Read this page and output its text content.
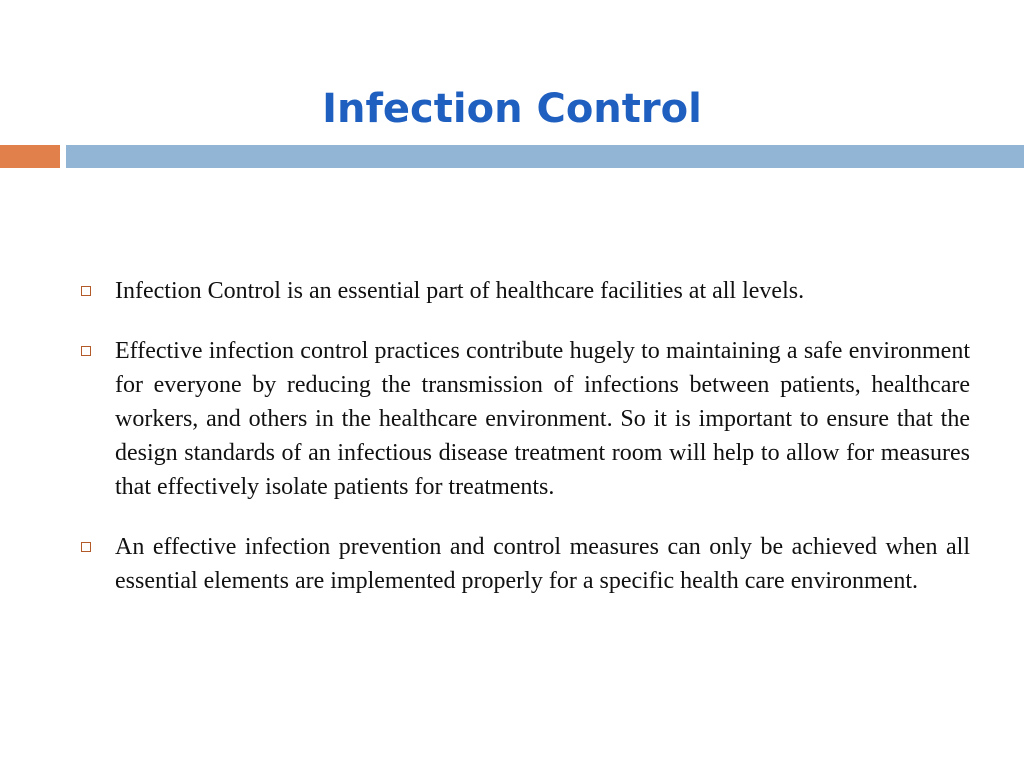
Infection Control
Infection Control is an essential part of healthcare facilities at all levels.
Effective infection control practices contribute hugely to maintaining a safe environment for everyone by reducing the transmission of infections between patients, healthcare workers, and others in the healthcare environment. So it is important to ensure that the design standards of an infectious disease treatment room will help to allow for measures that effectively isolate patients for treatments.
An effective infection prevention and control measures can only be achieved when all essential elements are implemented properly for a specific health care environment.
